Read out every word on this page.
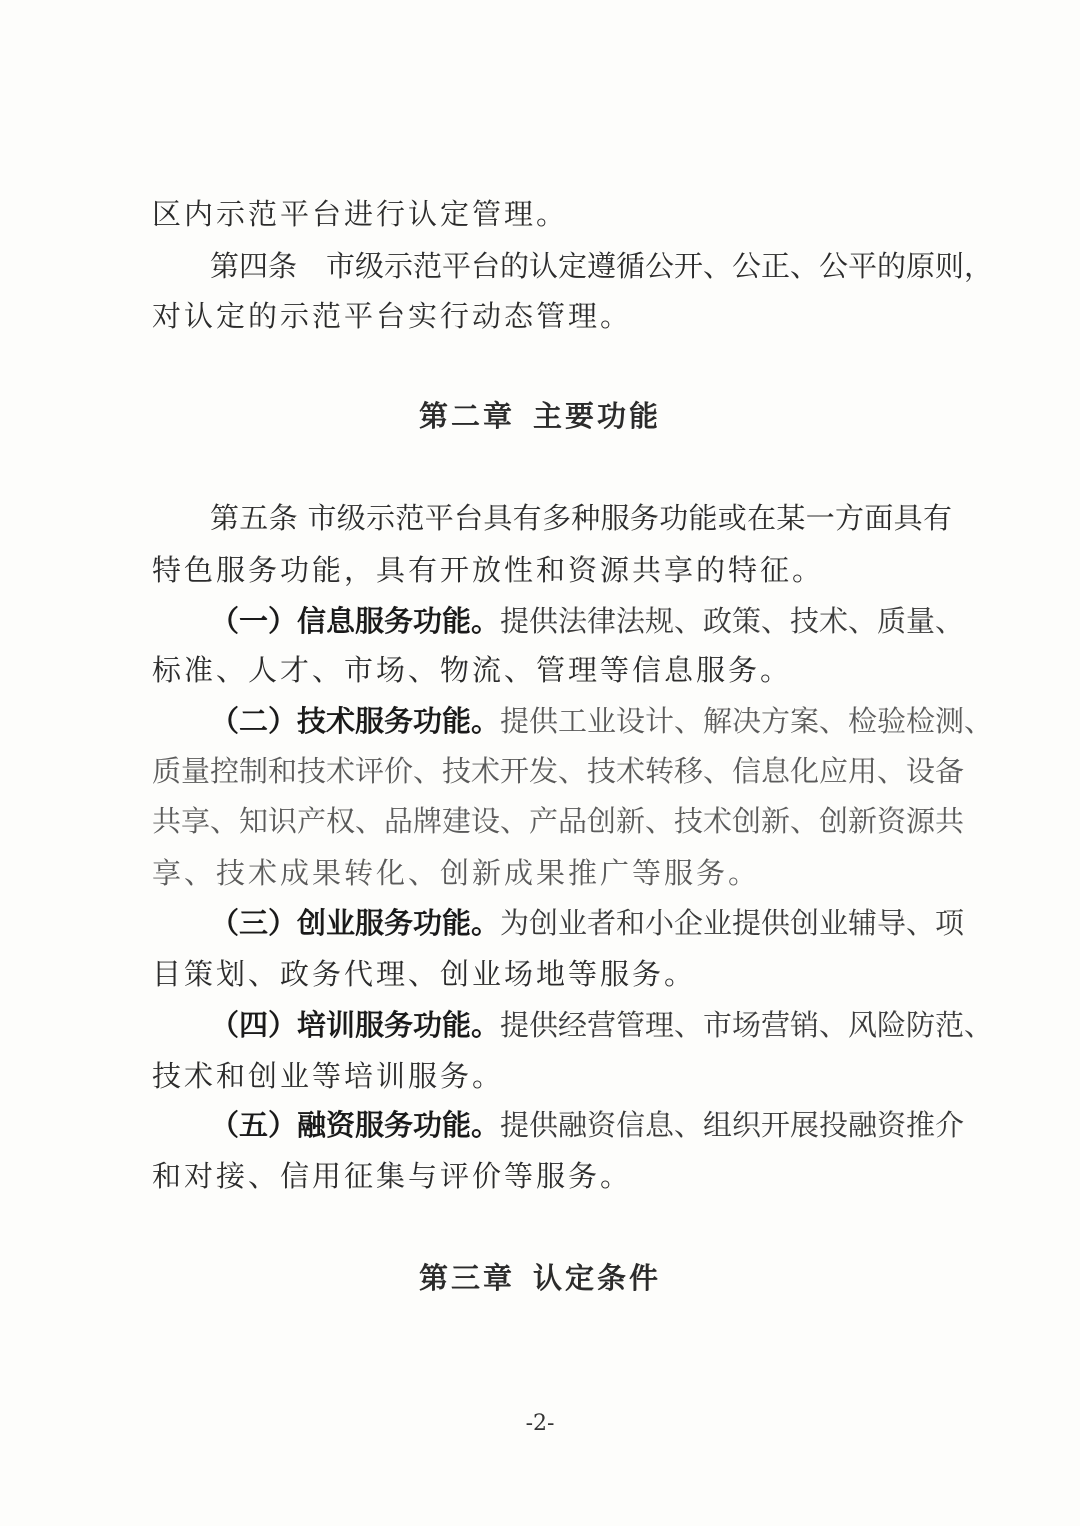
区内示范平台进行认定管理。
第四条  市级示范平台的认定遵循公开、公正、公平的原则，
对认定的示范平台实行动态管理。
第二章 主要功能
第五条 市级示范平台具有多种服务功能或在某一方面具有
特色服务功能，具有开放性和资源共享的特征。
（一）信息服务功能。提供法律法规、政策、技术、质量、
标准、人才、市场、物流、管理等信息服务。
（二）技术服务功能。提供工业设计、解决方案、检验检测、
质量控制和技术评价、技术开发、技术转移、信息化应用、设备
共享、知识产权、品牌建设、产品创新、技术创新、创新资源共
享、技术成果转化、创新成果推广等服务。
（三）创业服务功能。为创业者和小企业提供创业辅导、项
目策划、政务代理、创业场地等服务。
（四）培训服务功能。提供经营管理、市场营销、风险防范、
技术和创业等培训服务。
（五）融资服务功能。提供融资信息、组织开展投融资推介
和对接、信用征集与评价等服务。
第三章 认定条件
-2-
